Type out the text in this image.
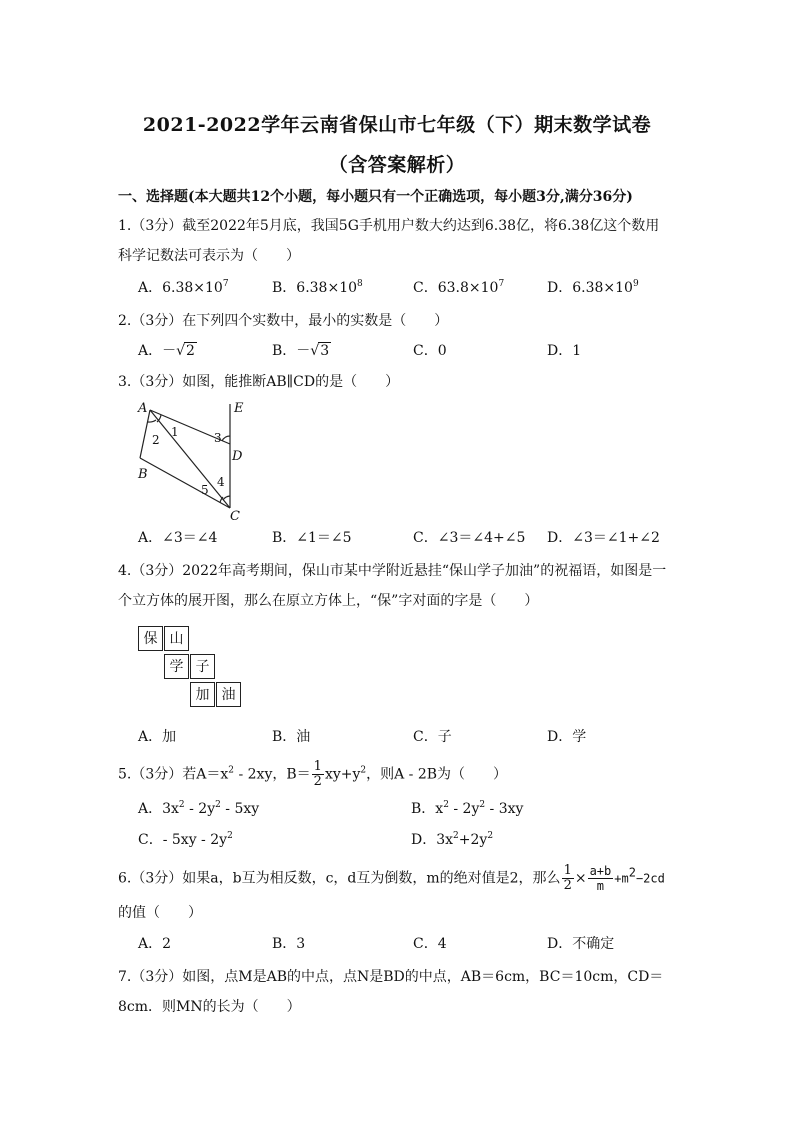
2021-2022学年云南省保山市七年级（下）期末数学试卷
（含答案解析）
一、选择题(本大题共12个小题，每小题只有一个正确选项，每小题3分,满分36分)
1.（3分）截至2022年5月底，我国5G手机用户数大约达到6.38亿，将6.38亿这个数用
科学记数法可表示为（　　）
A．$6.38\times 10^7$	B．$6.38\times 10^8$	C．$63.8\times 10^7$	D．$6.38\times 10^9$
2.（3分）在下列四个实数中，最小的实数是（　　）
A．－√2	B．－√3	C．0	D．1
3.（3分）如图，能推断AB∥CD的是（　　）
A	E
B
D
C
1
2	3
4
5
A．∠3＝∠4	B．∠1＝∠5	C．∠3＝∠4+∠5 D．∠3＝∠1+∠2
4.（3分）2022年高考期间，保山市某中学附近悬挂“保山学子加油”的祝福语，如图是一
个立方体的展开图，那么在原立方体上，“保”字对面的字是（　　）
保 山
学 子
加 油
A．加	B．油	C．子	D．学
5.（3分）若$A=x^2 - 2xy$，$B= \frac{1}{2} xy+y^2$，则A - 2B为（　　）
A．$3x^2 - 2y^2 - 5xy$	B．$x^2 - 2y^2 - 3xy$
C．- $5xy - 2y^2$	D．$3x^2+2y^2$
6.（3分）如果a，b互为相反数，c，d互为倒数，m的绝对值是2，那么 $\frac{1}{2} \times \frac{a+b}{m} +m^2-2cd$
的值（　　）
A．2	B．3	C．4	D．不确定
7.（3分）如图，点M是AB的中点，点N是BD的中点，AB＝6cm，BC＝10cm，CD＝
8cm．则MN的长为（　　）
